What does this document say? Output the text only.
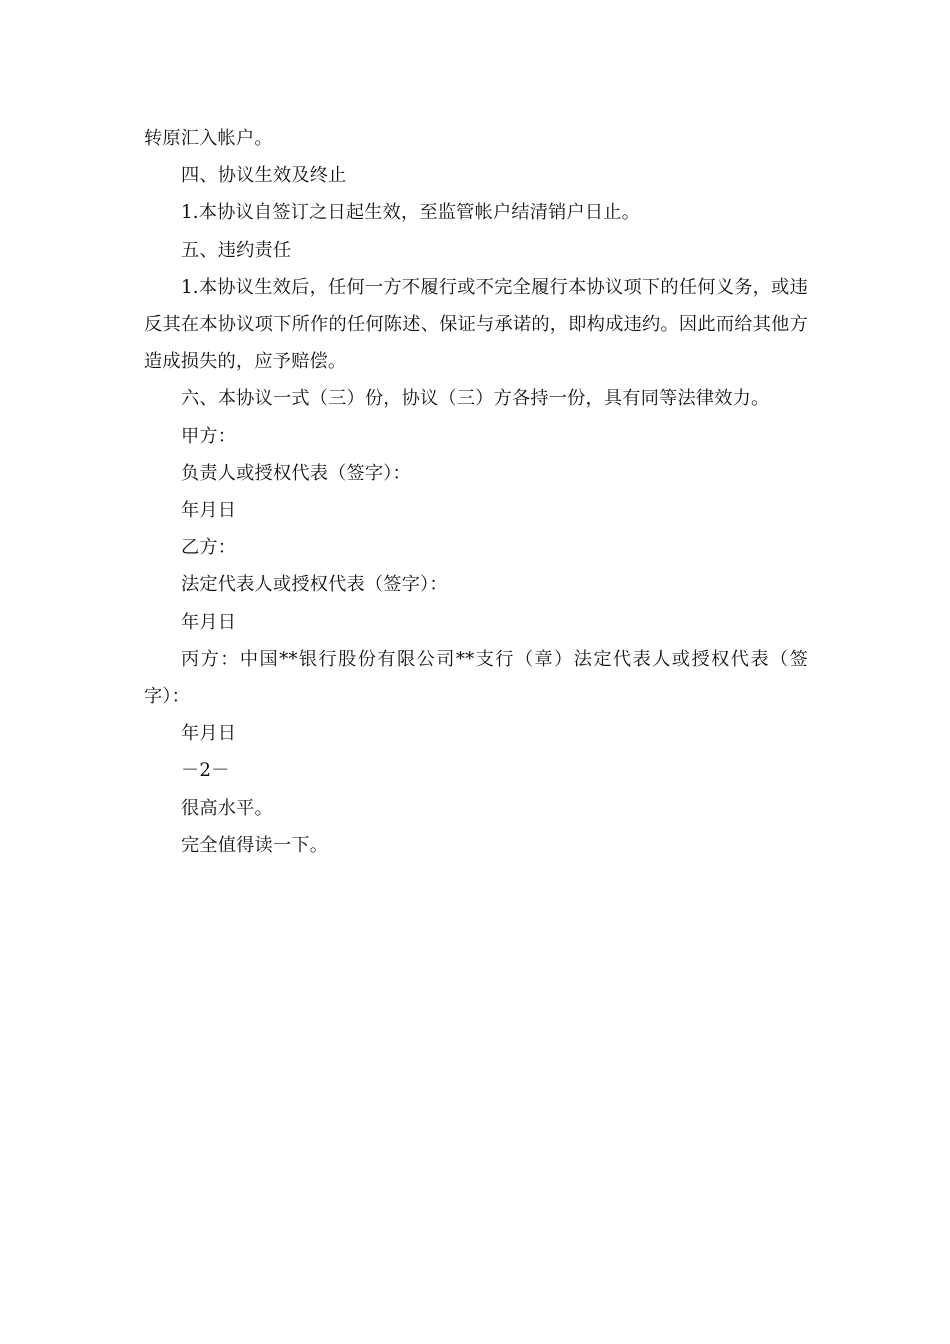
转原汇入帐户。

四、协议生效及终止

1.本协议自签订之日起生效，至监管帐户结清销户日止。

五、违约责任

1.本协议生效后，任何一方不履行或不完全履行本协议项下的任何义务，或违反其在本协议项下所作的任何陈述、保证与承诺的，即构成违约。因此而给其他方造成损失的，应予赔偿。

六、本协议一式（三）份，协议（三）方各持一份，具有同等法律效力。

甲方：

负责人或授权代表（签字）：

年月日

乙方：

法定代表人或授权代表（签字）：

年月日

丙方：中国**银行股份有限公司**支行（章）法定代表人或授权代表（签字）：

年月日

－2－

很高水平。

完全值得读一下。
